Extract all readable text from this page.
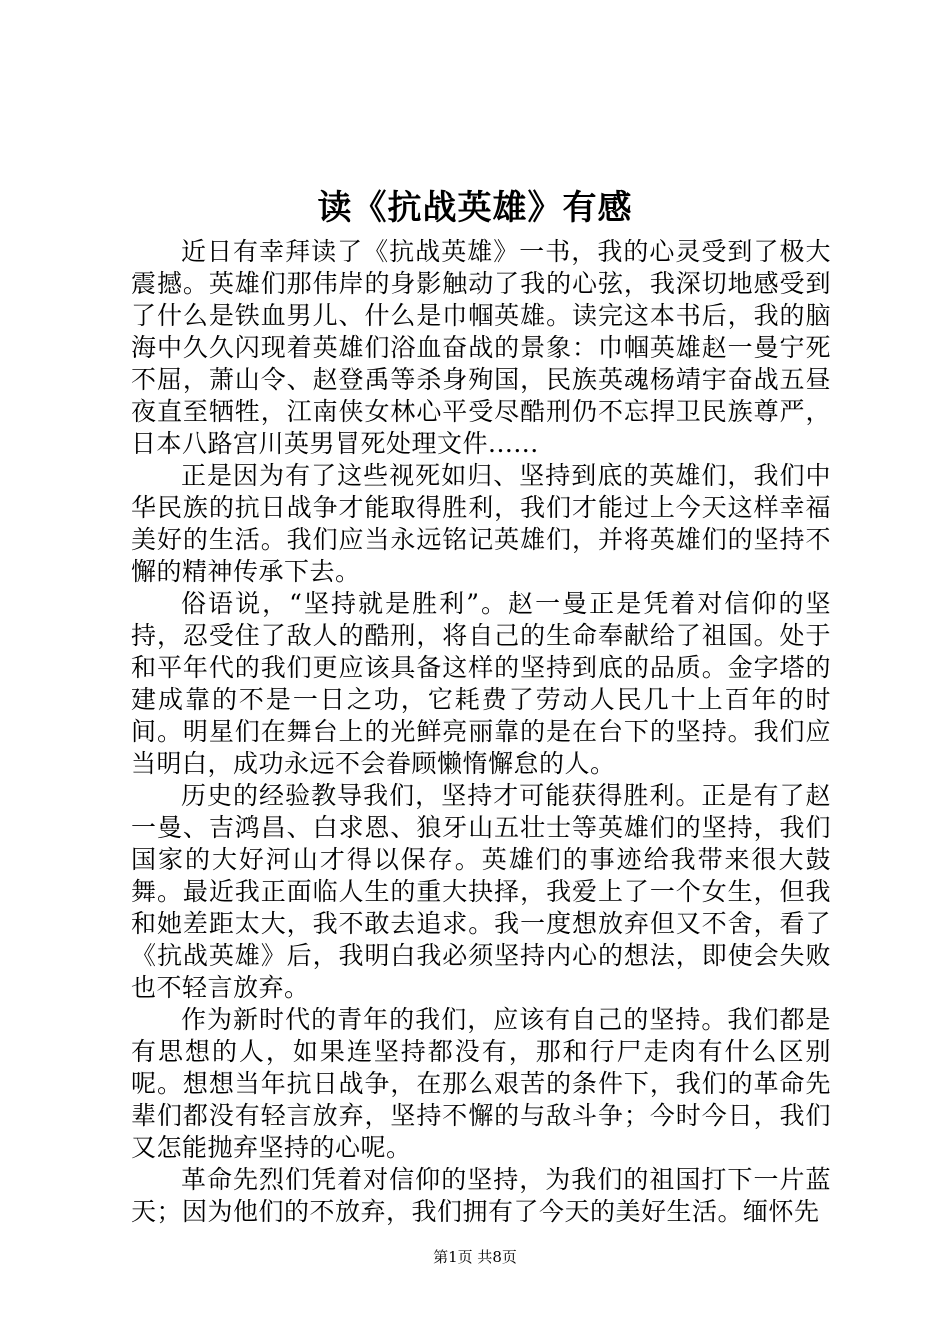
读《抗战英雄》有感

近日有幸拜读了《抗战英雄》一书，我的心灵受到了极大震撼。英雄们那伟岸的身影触动了我的心弦，我深切地感受到了什么是铁血男儿、什么是巾帼英雄。读完这本书后，我的脑海中久久闪现着英雄们浴血奋战的景象：巾帼英雄赵一曼宁死不屈，萧山令、赵登禹等杀身殉国，民族英魂杨靖宇奋战五昼夜直至牺牲，江南侠女林心平受尽酷刑仍不忘捍卫民族尊严，日本八路宫川英男冒死处理文件......

正是因为有了这些视死如归、坚持到底的英雄们，我们中华民族的抗日战争才能取得胜利，我们才能过上今天这样幸福美好的生活。我们应当永远铭记英雄们，并将英雄们的坚持不懈的精神传承下去。

俗语说，“坚持就是胜利”。赵一曼正是凭着对信仰的坚持，忍受住了敌人的酷刑，将自己的生命奉献给了祖国。处于和平年代的我们更应该具备这样的坚持到底的品质。金字塔的建成靠的不是一日之功，它耗费了劳动人民几十上百年的时间。明星们在舞台上的光鲜亮丽靠的是在台下的坚持。我们应当明白，成功永远不会眷顾懒惰懈怠的人。

历史的经验教导我们，坚持才可能获得胜利。正是有了赵一曼、吉鸿昌、白求恩、狼牙山五壮士等英雄们的坚持，我们国家的大好河山才得以保存。英雄们的事迹给我带来很大鼓舞。最近我正面临人生的重大抉择，我爱上了一个女生，但我和她差距太大，我不敢去追求。我一度想放弃但又不舍，看了《抗战英雄》后，我明白我必须坚持内心的想法，即使会失败也不轻言放弃。

作为新时代的青年的我们，应该有自己的坚持。我们都是有思想的人，如果连坚持都没有，那和行尸走肉有什么区别呢。想想当年抗日战争，在那么艰苦的条件下，我们的革命先辈们都没有轻言放弃，坚持不懈的与敌斗争；今时今日，我们又怎能抛弃坚持的心呢。

革命先烈们凭着对信仰的坚持，为我们的祖国打下一片蓝天；因为他们的不放弃，我们拥有了今天的美好生活。缅怀先

第1页 共8页
